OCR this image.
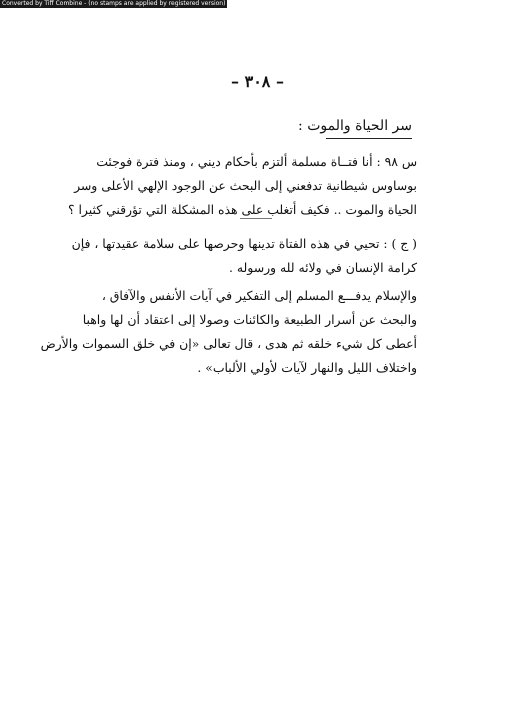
Converted by Tiff Combine - (no stamps are applied by registered version)
– ٣٠٨ –
سر الحياة والموت :
س ٩٨ : أنا فتــاة مسلمة ألتزم بأحكام ديني ، ومنذ فترة فوجئت
بوساوس شيطانية تدفعني إلى البحث عن الوجود الإلهي الأعلى وسر
الحياة والموت .. فكيف أتغلب على هذه المشكلة التي تؤرقني كثيرا ؟
( ج ) : تحيي في هذه الفتاة تدينها وحرصها على سلامة عقيدتها ، فإن
كرامة الإنسان في ولائه لله ورسوله .
والإسلام يدفـــع المسلم إلى التفكير في آيات الأنفس والآفاق ،
والبحث عن أسرار الطبيعة والكائنات وصولا إلى اعتقاد أن لها واهبا
أعطى كل شيء خلقه ثم هدى ، قال تعالى «إن في خلق السموات والأرض
واختلاف الليل والنهار لآيات لأولي الألباب» .
